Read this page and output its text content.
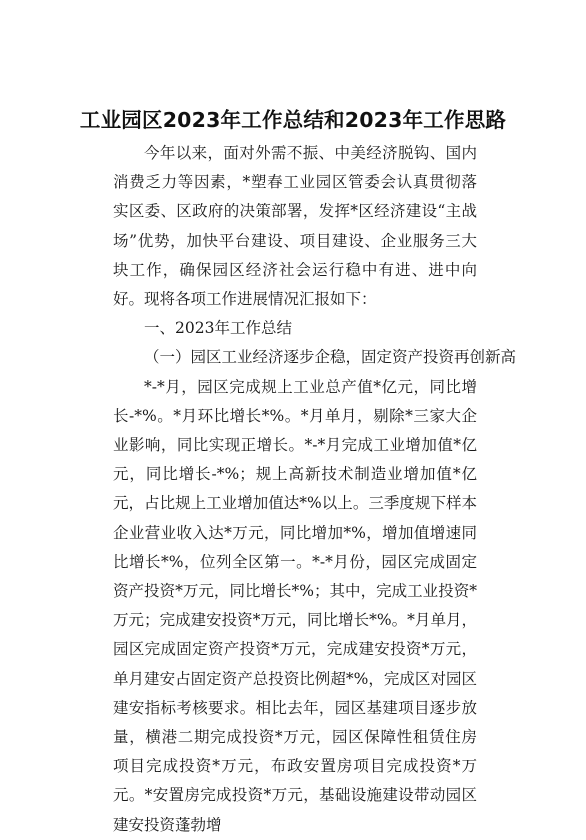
工业园区2023年工作总结和2023年工作思路

今年以来，面对外需不振、中美经济脱钩、国内消费乏力等因素，*塑春工业园区管委会认真贯彻落实区委、区政府的决策部署，发挥*区经济建设“主战场”优势，加快平台建设、项目建设、企业服务三大块工作，确保园区经济社会运行稳中有进、进中向好。现将各项工作进展情况汇报如下：

一、2023年工作总结

（一）园区工业经济逐步企稳，固定资产投资再创新高

*-*月，园区完成规上工业总产值*亿元，同比增长-*%。*月环比增长*%。*月单月，剔除*三家大企业影响，同比实现正增长。*-*月完成工业增加值*亿元，同比增长-*%；规上高新技术制造业增加值*亿元，占比规上工业增加值达*%以上。三季度规下样本企业营业收入达*万元，同比增加*%，增加值增速同比增长*%，位列全区第一。*-*月份，园区完成固定资产投资*万元，同比增长*%；其中，完成工业投资*万元；完成建安投资*万元，同比增长*%。*月单月，园区完成固定资产投资*万元，完成建安投资*万元，单月建安占固定资产总投资比例超*%，完成区对园区建安指标考核要求。相比去年，园区基建项目逐步放量，横港二期完成投资*万元，园区保障性租赁住房项目完成投资*万元，布政安置房项目完成投资*万元。*安置房完成投资*万元，基础设施建设带动园区建安投资蓬勃增
